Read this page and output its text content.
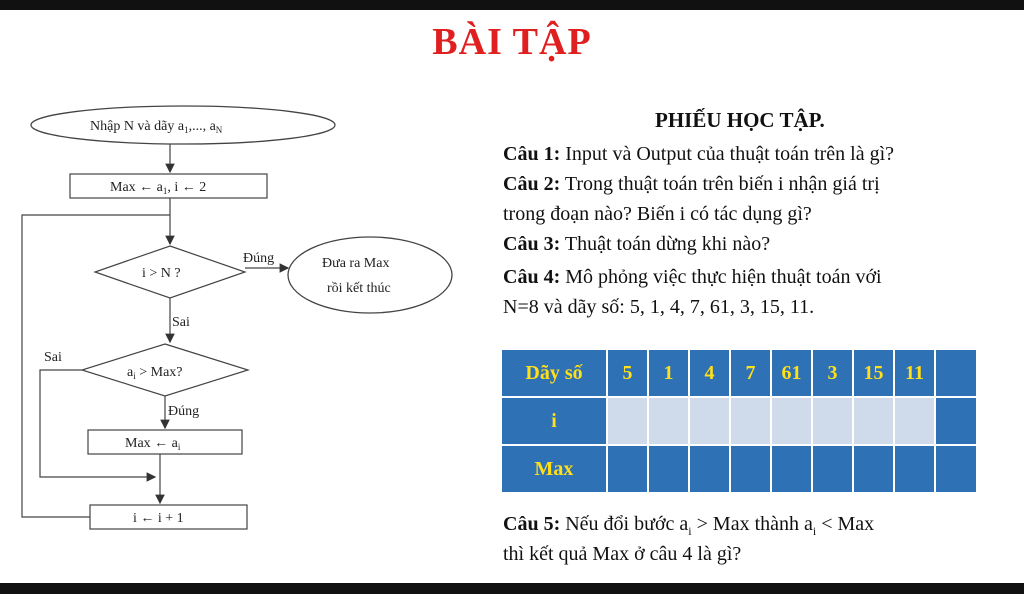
BÀI TẬP
Nhập N và dãy $a_1$,..., $a_N$
Max ← $a_1$, i ← 2
i > N ?
Đúng	Đưa ra Max
rồi kết thúc
Sai
$a_i$ > Max?
Sai
Đúng
Max ← $a_i$
i ← i + 1
PHIẾU HỌC TẬP.
Câu 1: Input và Output của thuật toán trên là gì?
Câu 2: Trong thuật toán trên biến i nhận giá trị
trong đoạn nào? Biến i có tác dụng gì?
Câu 3: Thuật toán dừng khi nào?
Câu 4: Mô phỏng việc thực hiện thuật toán với
N=8 và dãy số: 5, 1, 4, 7, 61, 3, 15, 11.
Dãy số	5	1	4	7	61	3	15	11	
i									
Max									
Câu 5: Nếu đổi bước $a_i$ > Max thành $a_i$ < Max
thì kết quả Max ở câu 4 là gì?
